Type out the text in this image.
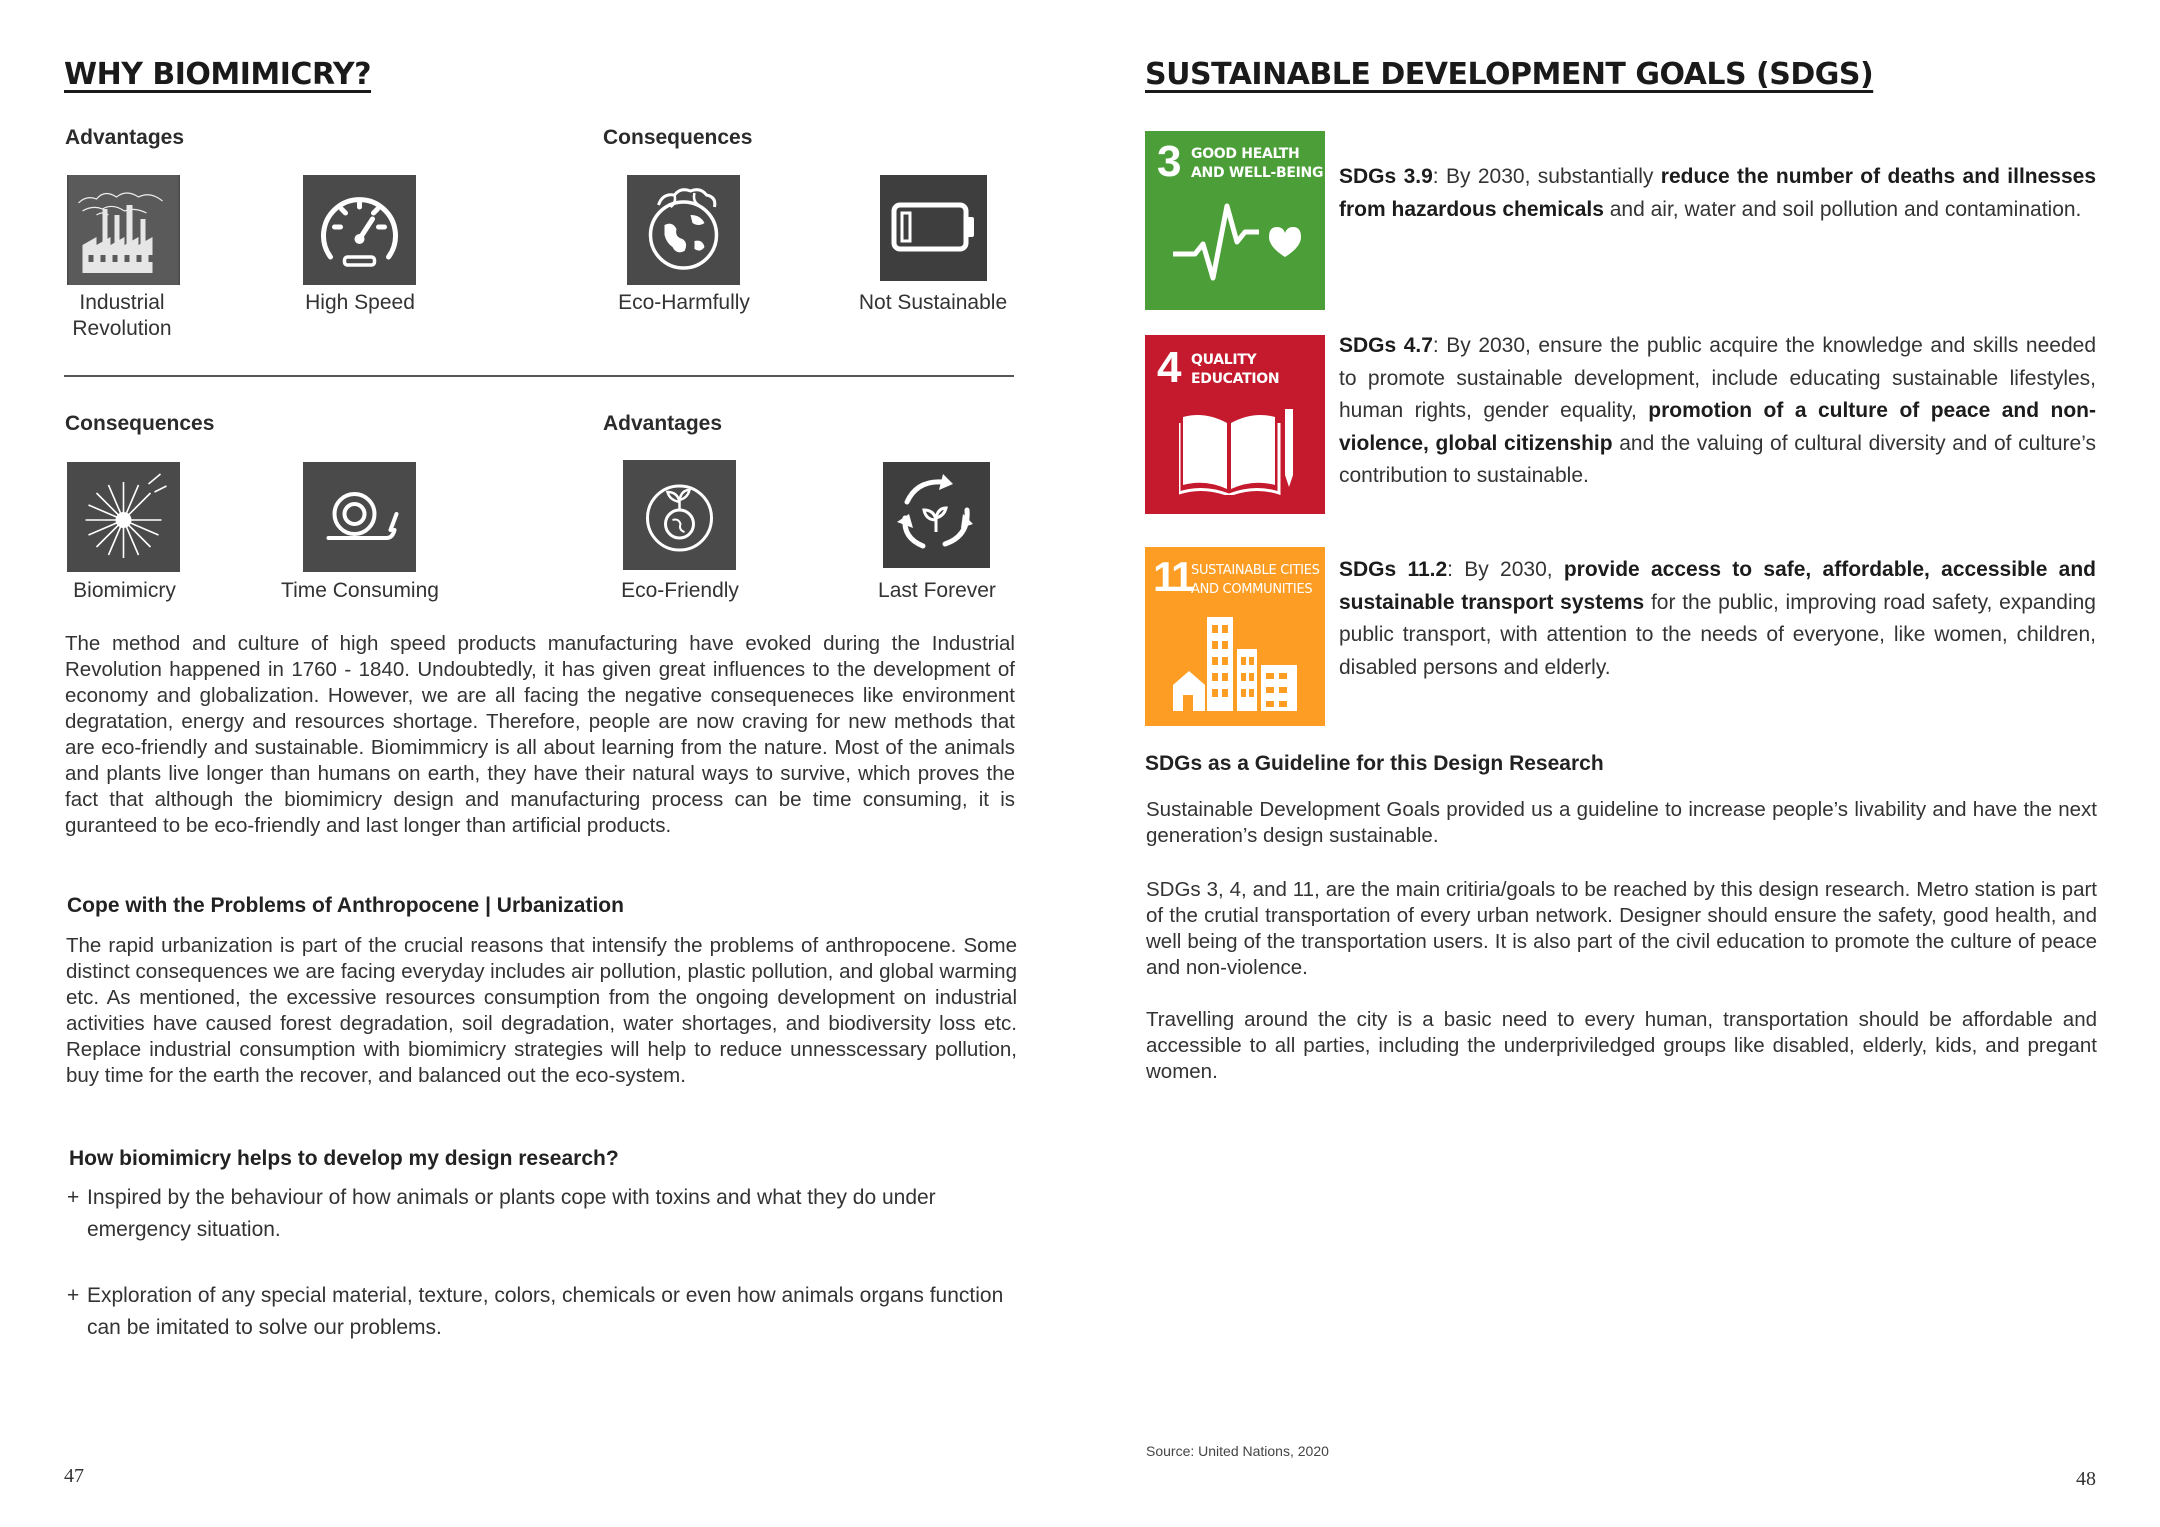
WHY BIOMIMICRY?
Advantages	Consequences
Industrial Revolution
High Speed	Eco-Harmfully	Not Sustainable
Consequences	Advantages
Biomimicry	Time Consuming	Eco-Friendly	Last Forever
The method and culture of high speed products manufacturing have evoked during the Industrial Revolution happened in 1760 - 1840. Undoubtedly, it has given great influences to the development of economy and globalization. However, we are all facing the negative consequeneces like environment degratation, energy and resources shortage. Therefore, people are now craving for new methods that are eco-friendly and sustainable. Biomimmicry is all about learning from the nature. Most of the animals and plants live longer than humans on earth, they have their natural ways to survive, which proves the fact that although the biomimicry design and manufacturing process can be time consuming, it is guranteed to be eco-friendly and last longer than artificial products.
Cope with the Problems of Anthropocene | Urbanization
The rapid urbanization is part of the crucial reasons that intensify the problems of anthropocene. Some distinct consequences we are facing everyday includes air pollution, plastic pollution, and global warming etc. As mentioned, the excessive resources consumption from the ongoing development on industrial activities have caused forest degradation, soil degradation, water shortages, and biodiversity loss etc. Replace industrial consumption with biomimicry strategies will help to reduce unnesscessary pollution, buy time for the earth the recover, and balanced out the eco-system.
How biomimicry helps to develop my design research?
+ Inspired by the behaviour of how animals or plants cope with toxins and what they do under emergency situation.
+ Exploration of any special material, texture, colors, chemicals or even how animals organs function can be imitated to solve our problems.
47
SUSTAINABLE DEVELOPMENT GOALS (SDGS)
3 GOOD HEALTH
AND WELL-BEING SDGs 3.9: By 2030, substantially reduce the number of deaths and illnesses from hazardous chemicals and air, water and soil pollution and contamination.
4 QUALITY
EDUCATION
SDGs 4.7: By 2030, ensure the public acquire the knowledge and skills needed to promote sustainable development, include educating sustainable lifestyles, human rights, gender equality, promotion of a culture of peace and non-violence, global citizenship and the valuing of cultural diversity and of culture’s contribution to sustainable.
11 SUSTAINABLE CITIES
AND COMMUNITIES
SDGs 11.2: By 2030, provide access to safe, affordable, accessible and sustainable transport systems for the public, improving road safety, expanding public transport, with attention to the needs of everyone, like women, children, disabled persons and elderly.
SDGs as a Guideline for this Design Research
Sustainable Development Goals provided us a guideline to increase people’s livability and have the next generation’s design sustainable.
SDGs 3, 4, and 11, are the main critiria/goals to be reached by this design research. Metro station is part of the crutial transportation of every urban network. Designer should ensure the safety, good health, and well being of the transportation users. It is also part of the civil education to promote the culture of peace and non-violence.
Travelling around the city is a basic need to every human, transportation should be affordable and accessible to all parties, including the underpriviledged groups like disabled, elderly, kids, and pregant women.
Source: United Nations, 2020
48
